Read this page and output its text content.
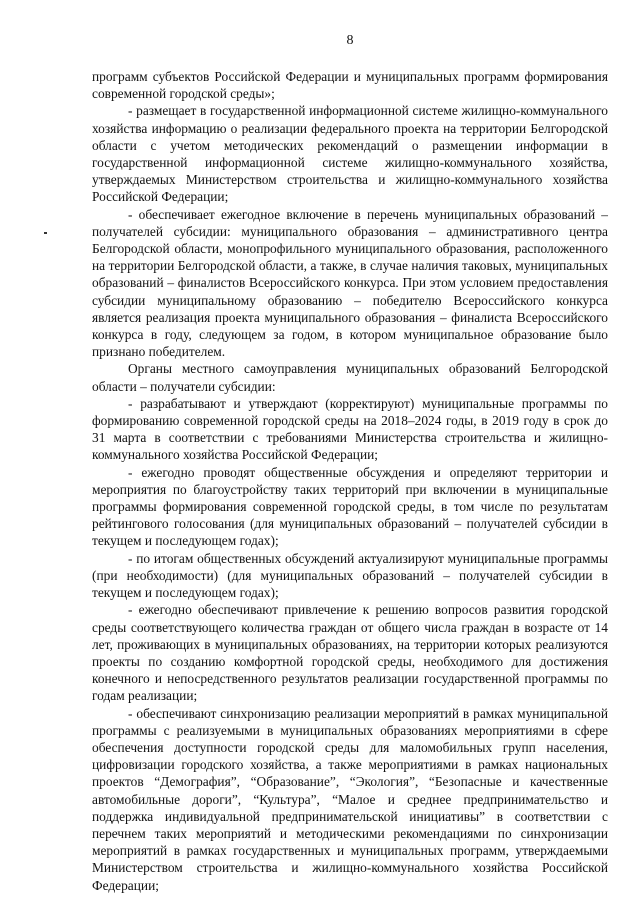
8

программ субъектов Российской Федерации и муниципальных программ формирования современной городской среды»;

- размещает в государственной информационной системе жилищно-коммунального хозяйства информацию о реализации федерального проекта на территории Белгородской области с учетом методических рекомендаций о размещении информации в государственной информационной системе жилищно-коммунального хозяйства, утверждаемых Министерством строительства и жилищно-коммунального хозяйства Российской Федерации;

- обеспечивает ежегодное включение в перечень муниципальных образований – получателей субсидии: муниципального образования – административного центра Белгородской области, монопрофильного муниципального образования, расположенного на территории Белгородской области, а также, в случае наличия таковых, муниципальных образований – финалистов Всероссийского конкурса. При этом условием предоставления субсидии муниципальному образованию – победителю Всероссийского конкурса является реализация проекта муниципального образования – финалиста Всероссийского конкурса в году, следующем за годом, в котором муниципальное образование было признано победителем.

Органы местного самоуправления муниципальных образований Белгородской области – получатели субсидии:

- разрабатывают и утверждают (корректируют) муниципальные программы по формированию современной городской среды на 2018–2024 годы, в 2019 году в срок до 31 марта в соответствии с требованиями Министерства строительства и жилищно-коммунального хозяйства Российской Федерации;

- ежегодно проводят общественные обсуждения и определяют территории и мероприятия по благоустройству таких территорий при включении в муниципальные программы формирования современной городской среды, в том числе по результатам рейтингового голосования (для муниципальных образований – получателей субсидии в текущем и последующем годах);

- по итогам общественных обсуждений актуализируют муниципальные программы (при необходимости) (для муниципальных образований – получателей субсидии в текущем и последующем годах);

- ежегодно обеспечивают привлечение к решению вопросов развития городской среды соответствующего количества граждан от общего числа граждан в возрасте от 14 лет, проживающих в муниципальных образованиях, на территории которых реализуются проекты по созданию комфортной городской среды, необходимого для достижения конечного и непосредственного результатов реализации государственной программы по годам реализации;

- обеспечивают синхронизацию реализации мероприятий в рамках муниципальной программы с реализуемыми в муниципальных образованиях мероприятиями в сфере обеспечения доступности городской среды для маломобильных групп населения, цифровизации городского хозяйства, а также мероприятиями в рамках национальных проектов “Демография”, “Образование”, “Экология”, “Безопасные и качественные автомобильные дороги”, “Культура”, “Малое и среднее предпринимательство и поддержка индивидуальной предпринимательской инициативы” в соответствии с перечнем таких мероприятий и методическими рекомендациями по синхронизации мероприятий в рамках государственных и муниципальных программ, утверждаемыми Министерством строительства и жилищно-коммунального хозяйства Российской Федерации;
